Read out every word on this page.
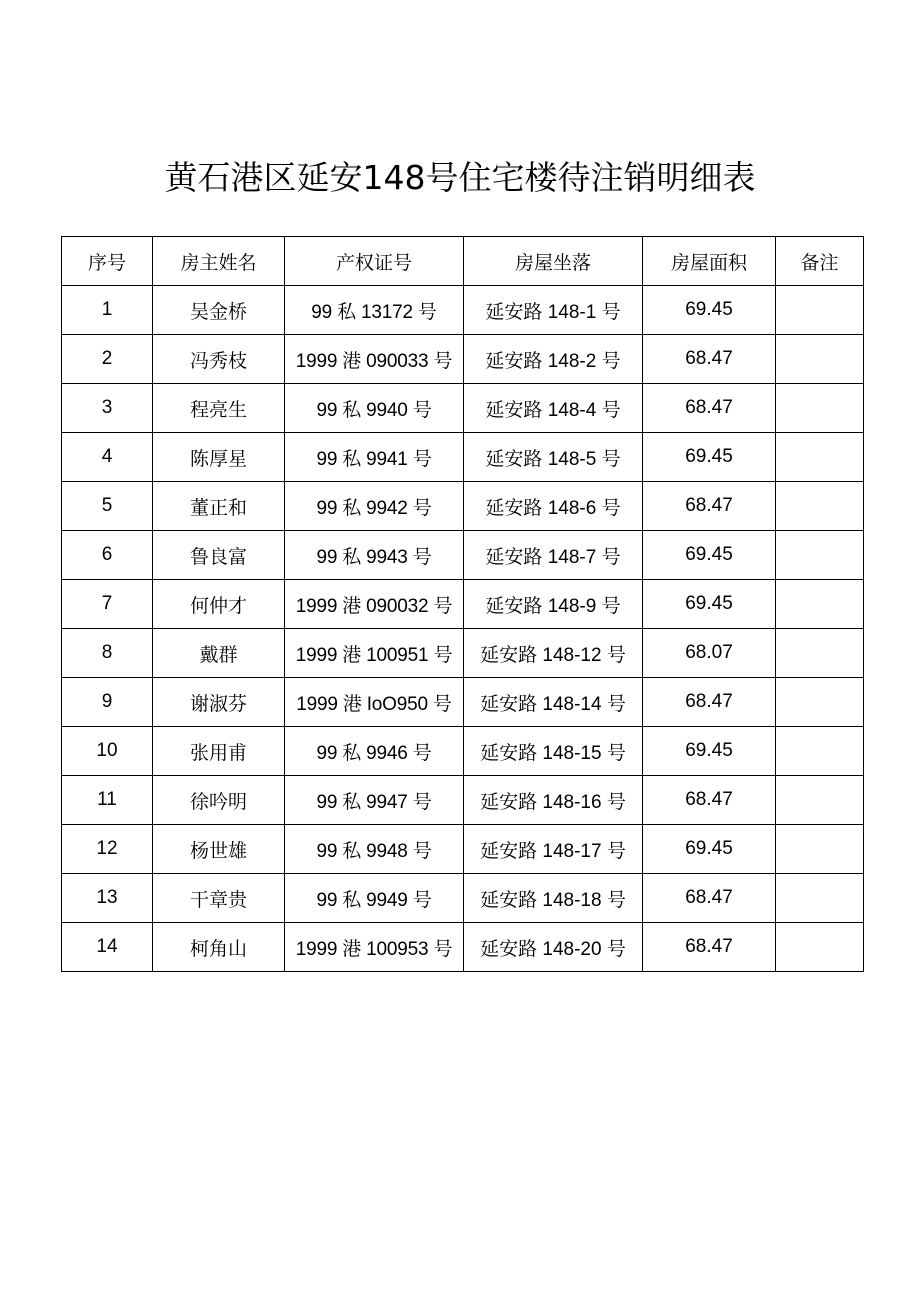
黄石港区延安148号住宅楼待注销明细表
序号	房主姓名	产权证号	房屋坐落	房屋面积	备注
1	吴金桥	99 私 13172 号	延安路 148-1 号	69.45	
2	冯秀枝	1999 港 090033 号	延安路 148-2 号	68.47	
3	程亮生	99 私 9940 号	延安路 148-4 号	68.47	
4	陈厚星	99 私 9941 号	延安路 148-5 号	69.45	
5	董正和	99 私 9942 号	延安路 148-6 号	68.47	
6	鲁良富	99 私 9943 号	延安路 148-7 号	69.45	
7	何仲才	1999 港 090032 号	延安路 148-9 号	69.45	
8	戴群	1999 港 100951 号	延安路 148-12 号	68.07	
9	谢淑芬	1999 港 IoO950 号	延安路 148-14 号	68.47	
10	张用甫	99 私 9946 号	延安路 148-15 号	69.45	
11	徐吟明	99 私 9947 号	延安路 148-16 号	68.47	
12	杨世雄	99 私 9948 号	延安路 148-17 号	69.45	
13	干章贵	99 私 9949 号	延安路 148-18 号	68.47	
14	柯角山	1999 港 100953 号	延安路 148-20 号	68.47	
